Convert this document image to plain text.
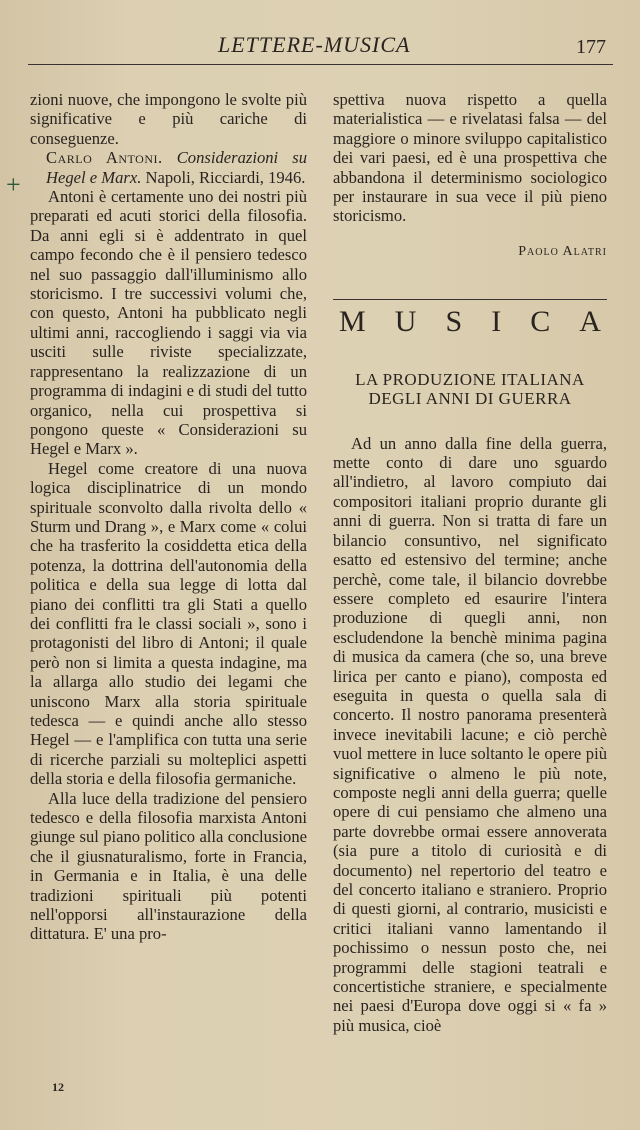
LETTERE-MUSICA	177
+

zioni nuove, che impongono le svolte più significative e più cariche di conseguenze.

Carlo Antoni. Considerazioni su Hegel e Marx. Napoli, Ricciardi, 1946.

Antoni è certamente uno dei nostri più preparati ed acuti storici della filosofia. Da anni egli si è addentrato in quel campo fecondo che è il pensiero tedesco nel suo passaggio dall'illuminismo allo storicismo. I tre successivi volumi che, con questo, Antoni ha pubblicato negli ultimi anni, raccogliendo i saggi via via usciti sulle riviste specializzate, rappresentano la realizzazione di un programma di indagini e di studi del tutto organico, nella cui prospettiva si pongono queste « Considerazioni su Hegel e Marx ».

Hegel come creatore di una nuova logica disciplinatrice di un mondo spirituale sconvolto dalla rivolta dello « Sturm und Drang », e Marx come « colui che ha trasferito la cosiddetta etica della potenza, la dottrina dell'autonomia della politica e della sua legge di lotta dal piano dei conflitti tra gli Stati a quello dei conflitti fra le classi sociali », sono i protagonisti del libro di Antoni; il quale però non si limita a questa indagine, ma la allarga allo studio dei legami che uniscono Marx alla storia spirituale tedesca — e quindi anche allo stesso Hegel — e l'amplifica con tutta una serie di ricerche parziali su molteplici aspetti della storia e della filosofia germaniche.

Alla luce della tradizione del pensiero tedesco e della filosofia marxista Antoni giunge sul piano politico alla conclusione che il giusnaturalismo, forte in Francia, in Germania e in Italia, è una delle tradizioni spirituali più potenti nell'opporsi all'instaurazione della dittatura. E' una pro-

spettiva nuova rispetto a quella materialistica — e rivelatasi falsa — del maggiore o minore sviluppo capitalistico dei vari paesi, ed è una prospettiva che abbandona il determinismo sociologico per instaurare in sua vece il più pieno storicismo.

Paolo Alatri
M U S I C A
LA PRODUZIONE ITALIANA
DEGLI ANNI DI GUERRA

Ad un anno dalla fine della guerra, mette conto di dare uno sguardo all'indietro, al lavoro compiuto dai compositori italiani proprio durante gli anni di guerra. Non si tratta di fare un bilancio consuntivo, nel significato esatto ed estensivo del termine; anche perchè, come tale, il bilancio dovrebbe essere completo ed esaurire l'intera produzione di quegli anni, non escludendone la benchè minima pagina di musica da camera (che so, una breve lirica per canto e piano), composta ed eseguita in questa o quella sala di concerto. Il nostro panorama presenterà invece inevitabili lacune; e ciò perchè vuol mettere in luce soltanto le opere più significative o almeno le più note, composte negli anni della guerra; quelle opere di cui pensiamo che almeno una parte dovrebbe ormai essere annoverata (sia pure a titolo di curiosità e di documento) nel repertorio del teatro e del concerto italiano e straniero. Proprio di questi giorni, al contrario, musicisti e critici italiani vanno lamentando il pochissimo o nessun posto che, nei programmi delle stagioni teatrali e concertistiche straniere, e specialmente nei paesi d'Europa dove oggi si « fa » più musica, cioè

12
